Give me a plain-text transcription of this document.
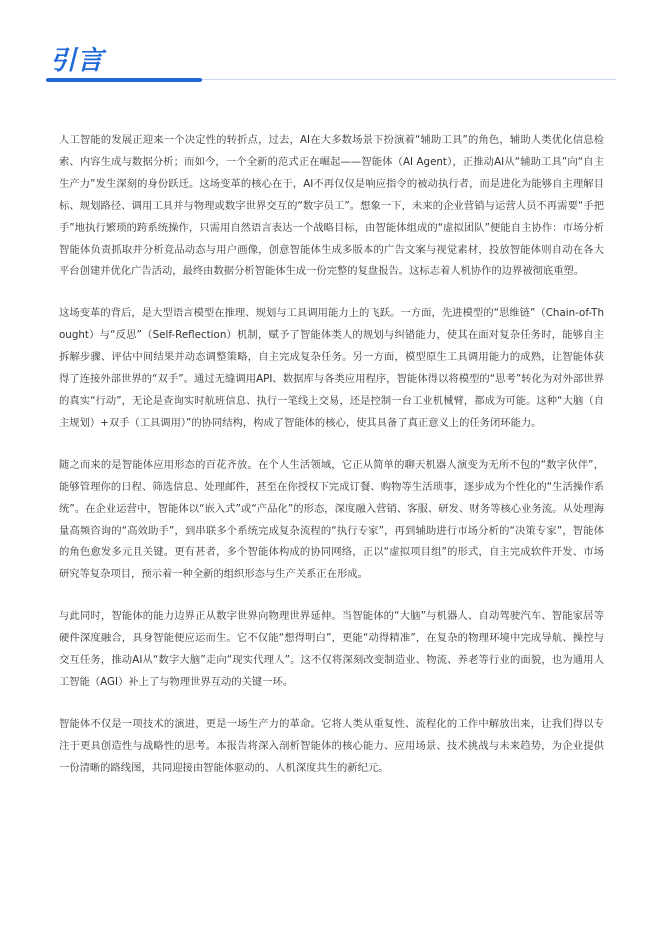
引言

人工智能的发展正迎来一个决定性的转折点，过去，AI在大多数场景下扮演着“辅助工具”的角色，辅助人类优化信息检索、内容生成与数据分析；而如今，一个全新的范式正在崛起——智能体（AI Agent），正推动AI从“辅助工具”向“自主生产力”发生深刻的身份跃迁。这场变革的核心在于，AI不再仅仅是响应指令的被动执行者，而是进化为能够自主理解目标、规划路径、调用工具并与物理或数字世界交互的“数字员工”。想象一下，未来的企业营销与运营人员不再需要“手把手”地执行繁琐的跨系统操作，只需用自然语言表达一个战略目标，由智能体组成的“虚拟团队”便能自主协作：市场分析智能体负责抓取并分析竞品动态与用户画像，创意智能体生成多版本的广告文案与视觉素材，投放智能体则自动在各大平台创建并优化广告活动，最终由数据分析智能体生成一份完整的复盘报告。这标志着人机协作的边界被彻底重塑。

这场变革的背后，是大型语言模型在推理、规划与工具调用能力上的飞跃。一方面，先进模型的“思维链”（Chain-of-Thought）与“反思”（Self-Reflection）机制，赋予了智能体类人的规划与纠错能力，使其在面对复杂任务时，能够自主拆解步骤、评估中间结果并动态调整策略，自主完成复杂任务。另一方面，模型原生工具调用能力的成熟，让智能体获得了连接外部世界的“双手”。通过无缝调用API、数据库与各类应用程序，智能体得以将模型的“思考”转化为对外部世界的真实“行动”，无论是查询实时航班信息、执行一笔线上交易，还是控制一台工业机械臂，都成为可能。这种“大脑（自主规划）+双手（工具调用）”的协同结构，构成了智能体的核心，使其具备了真正意义上的任务闭环能力。

随之而来的是智能体应用形态的百花齐放。在个人生活领域，它正从简单的聊天机器人演变为无所不包的“数字伙伴”，能够管理你的日程、筛选信息、处理邮件，甚至在你授权下完成订餐、购物等生活琐事，逐步成为个性化的“生活操作系统”。在企业运营中，智能体以“嵌入式”或“产品化”的形态，深度融入营销、客服、研发、财务等核心业务流。从处理海量高频咨询的“高效助手”，到串联多个系统完成复杂流程的“执行专家”，再到辅助进行市场分析的“决策专家”，智能体的角色愈发多元且关键。更有甚者，多个智能体构成的协同网络，正以“虚拟项目组”的形式，自主完成软件开发、市场研究等复杂项目，预示着一种全新的组织形态与生产关系正在形成。

与此同时，智能体的能力边界正从数字世界向物理世界延伸。当智能体的“大脑”与机器人、自动驾驶汽车、智能家居等硬件深度融合，具身智能便应运而生。它不仅能“想得明白”，更能“动得精准”，在复杂的物理环境中完成导航、操控与交互任务，推动AI从“数字大脑”走向“现实代理人”。这不仅将深刻改变制造业、物流、养老等行业的面貌，也为通用人工智能（AGI）补上了与物理世界互动的关键一环。

智能体不仅是一项技术的演进，更是一场生产力的革命。它将人类从重复性、流程化的工作中解放出来，让我们得以专注于更具创造性与战略性的思考。本报告将深入剖析智能体的核心能力、应用场景、技术挑战与未来趋势，为企业提供一份清晰的路线图，共同迎接由智能体驱动的、人机深度共生的新纪元。
